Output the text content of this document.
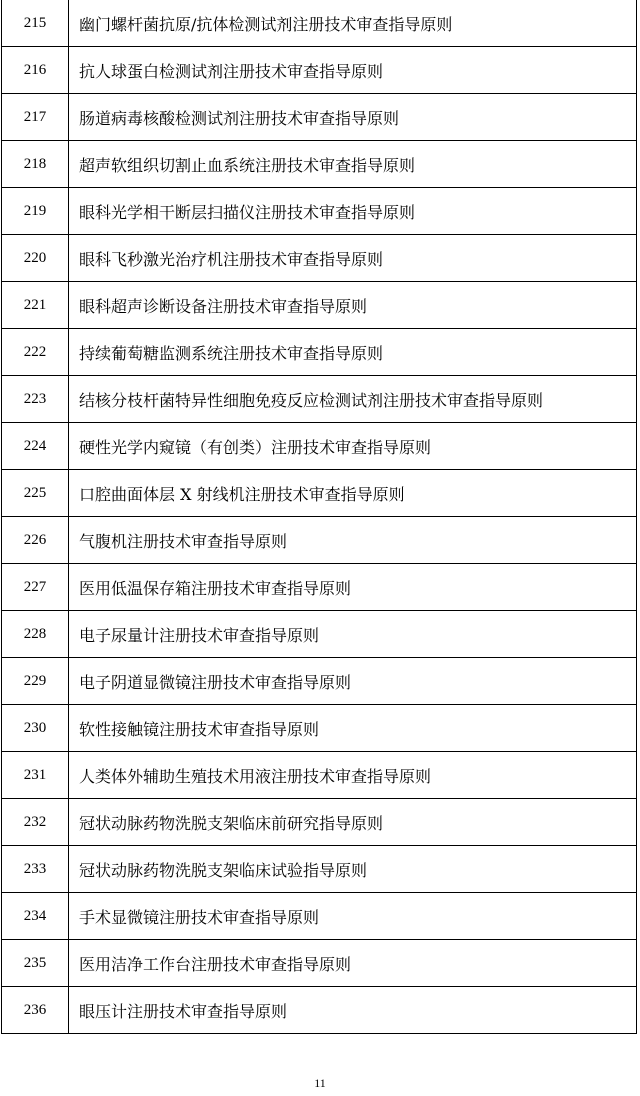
215	幽门螺杆菌抗原/抗体检测试剂注册技术审查指导原则
216	抗人球蛋白检测试剂注册技术审查指导原则
217	肠道病毒核酸检测试剂注册技术审查指导原则
218	超声软组织切割止血系统注册技术审查指导原则
219	眼科光学相干断层扫描仪注册技术审查指导原则
220	眼科飞秒激光治疗机注册技术审查指导原则
221	眼科超声诊断设备注册技术审查指导原则
222	持续葡萄糖监测系统注册技术审查指导原则
223	结核分枝杆菌特异性细胞免疫反应检测试剂注册技术审查指导原则
224	硬性光学内窥镜（有创类）注册技术审查指导原则
225	口腔曲面体层 X 射线机注册技术审查指导原则
226	气腹机注册技术审查指导原则
227	医用低温保存箱注册技术审查指导原则
228	电子尿量计注册技术审查指导原则
229	电子阴道显微镜注册技术审查指导原则
230	软性接触镜注册技术审查指导原则
231	人类体外辅助生殖技术用液注册技术审查指导原则
232	冠状动脉药物洗脱支架临床前研究指导原则
233	冠状动脉药物洗脱支架临床试验指导原则
234	手术显微镜注册技术审查指导原则
235	医用洁净工作台注册技术审查指导原则
236	眼压计注册技术审查指导原则
11
